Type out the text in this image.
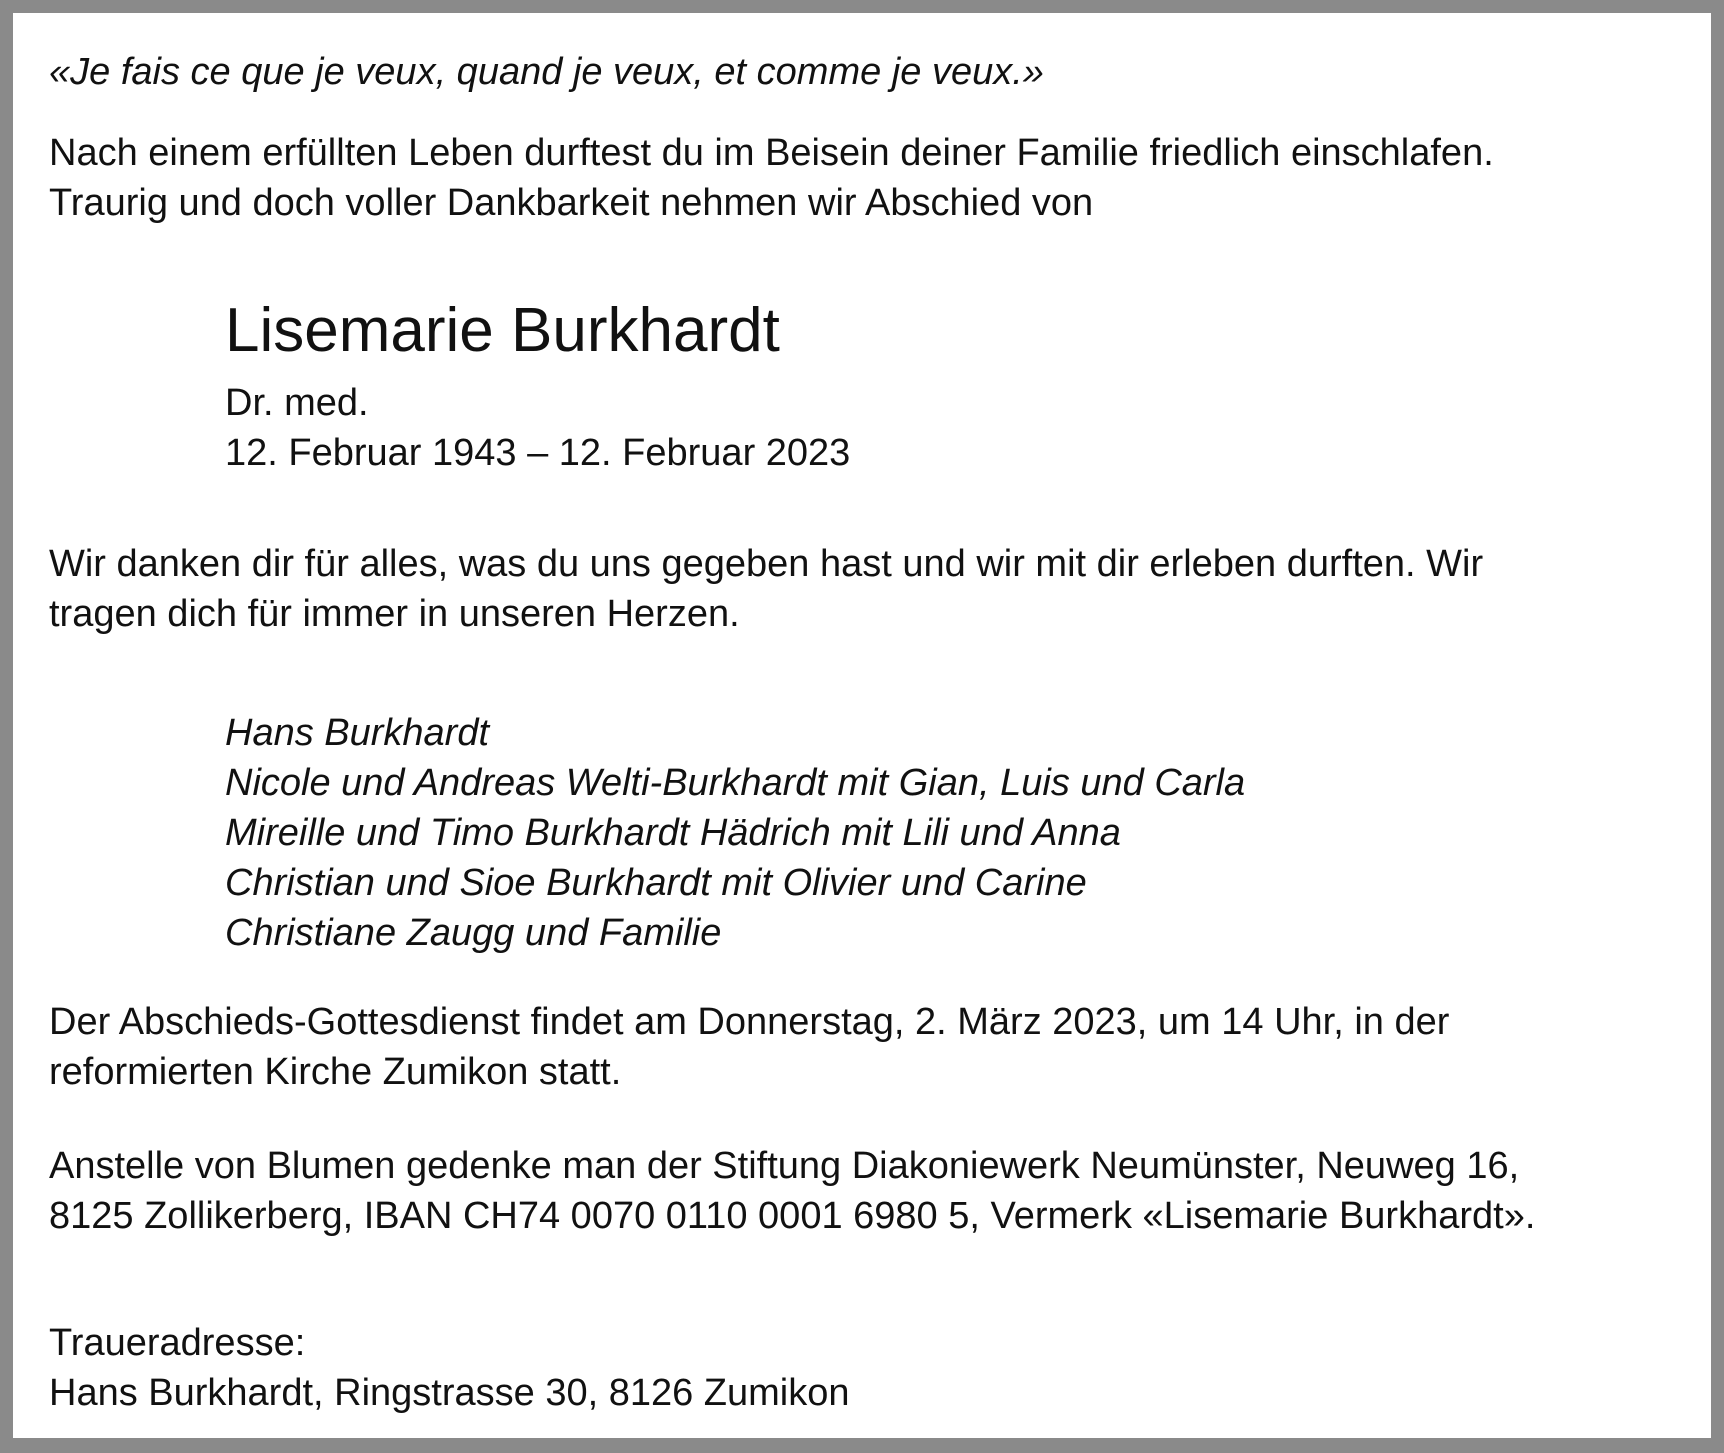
«Je fais ce que je veux, quand je veux, et comme je veux.»

Nach einem erfüllten Leben durftest du im Beisein deiner Familie friedlich einschlafen.
Traurig und doch voller Dankbarkeit nehmen wir Abschied von

Lisemarie Burkhardt

Dr. med.
12. Februar 1943 – 12. Februar 2023

Wir danken dir für alles, was du uns gegeben hast und wir mit dir erleben durften. Wir
tragen dich für immer in unseren Herzen.

Hans Burkhardt
Nicole und Andreas Welti-Burkhardt mit Gian, Luis und Carla
Mireille und Timo Burkhardt Hädrich mit Lili und Anna
Christian und Sioe Burkhardt mit Olivier und Carine
Christiane Zaugg und Familie

Der Abschieds-Gottesdienst findet am Donnerstag, 2. März 2023, um 14 Uhr, in der
reformierten Kirche Zumikon statt.

Anstelle von Blumen gedenke man der Stiftung Diakoniewerk Neumünster, Neuweg 16,
8125 Zollikerberg, IBAN CH74 0070 0110 0001 6980 5, Vermerk «Lisemarie Burkhardt».

Traueradresse:
Hans Burkhardt, Ringstrasse 30, 8126 Zumikon
